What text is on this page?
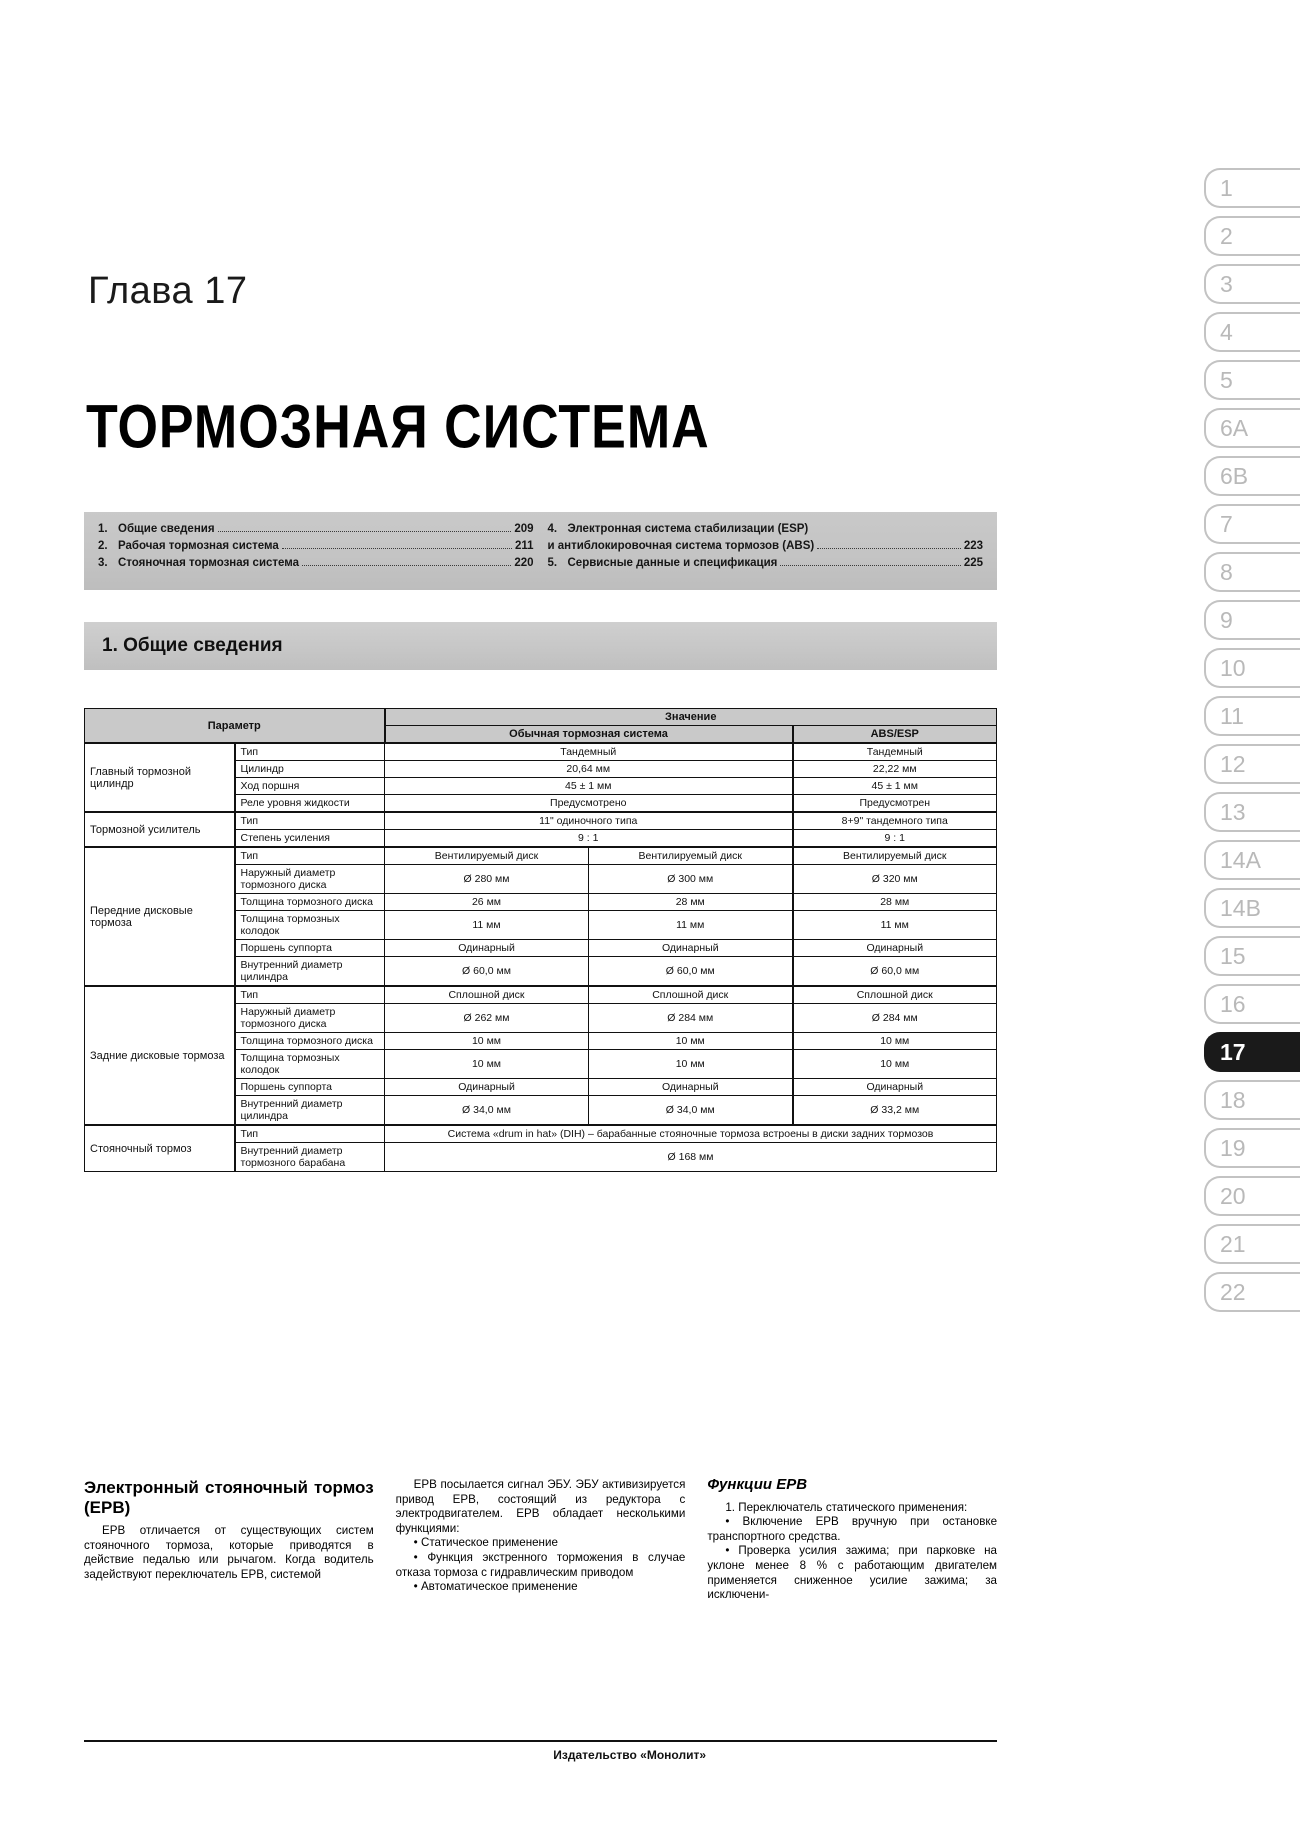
Глава 17
ТОРМОЗНАЯ СИСТЕМА
1. Общие сведения	209
2. Рабочая тормозная система	211
3. Стояночная тормозная система	220
4. Электронная система стабилизации (ESP)
и антиблокировочная система тормозов (ABS)	223
5. Сервисные данные и спецификация	225
1. Общие сведения
Параметр		Значение		
		Обычная тормозная система		ABS/ESP
Главный тормозной цилиндр	Тип	Тандемный		Тандемный
	Цилиндр	20,64 мм		22,22 мм
	Ход поршня	45 ± 1 мм		45 ± 1 мм
	Реле уровня жидкости	Предусмотрено		Предусмотрен
Тормозной усилитель	Тип	11" одиночного типа		8+9" тандемного типа
	Степень усиления	9 : 1		9 : 1
Передние дисковые тормоза	Тип	Вентилируемый диск	Вентилируемый диск	Вентилируемый диск
	Наружный диаметр тормозного диска	Ø 280 мм	Ø 300 мм	Ø 320 мм
	Толщина тормозного диска	26 мм	28 мм	28 мм
	Толщина тормозных колодок	11 мм	11 мм	11 мм
	Поршень суппорта	Одинарный	Одинарный	Одинарный
	Внутренний диаметр цилиндра	Ø 60,0 мм	Ø 60,0 мм	Ø 60,0 мм
Задние дисковые тормоза	Тип	Сплошной диск	Сплошной диск	Сплошной диск
	Наружный диаметр тормозного диска	Ø 262 мм	Ø 284 мм	Ø 284 мм
	Толщина тормозного диска	10 мм	10 мм	10 мм
	Толщина тормозных колодок	10 мм	10 мм	10 мм
	Поршень суппорта	Одинарный	Одинарный	Одинарный
	Внутренний диаметр цилиндра	Ø 34,0 мм	Ø 34,0 мм	Ø 33,2 мм
Стояночный тормоз	Тип	Система «drum in hat» (DIH) – барабанные стояночные тормоза встроены в диски задних тормозов		
	Внутренний диаметр тормозного барабана	Ø 168 мм		
Электронный стояночный тормоз (EPB)

EPB отличается от существующих систем стояночного тормоза, которые приводятся в действие педалью или рычагом. Когда водитель задействуют переключатель EPB, системой

EPB посылается сигнал ЭБУ. ЭБУ активизируется привод EPB, состоящий из редуктора с электродвигателем. EPB обладает несколькими функциями:

• Статическое применение

• Функция экстренного торможения в случае отказа тормоза с гидравлическим приводом

• Автоматическое применение

Функции EPB

1. Переключатель статического применения:

• Включение EPB вручную при остановке транспортного средства.

• Проверка усилия зажима; при парковке на уклоне менее 8 % с работающим двигателем применяется сниженное усилие зажима; за исключени-

Издательство «Монолит»
1
2
3
4
5
6A
6B
7
8
9
10
11
12
13
14A
14B
15
16
17
18
19
20
21
22
